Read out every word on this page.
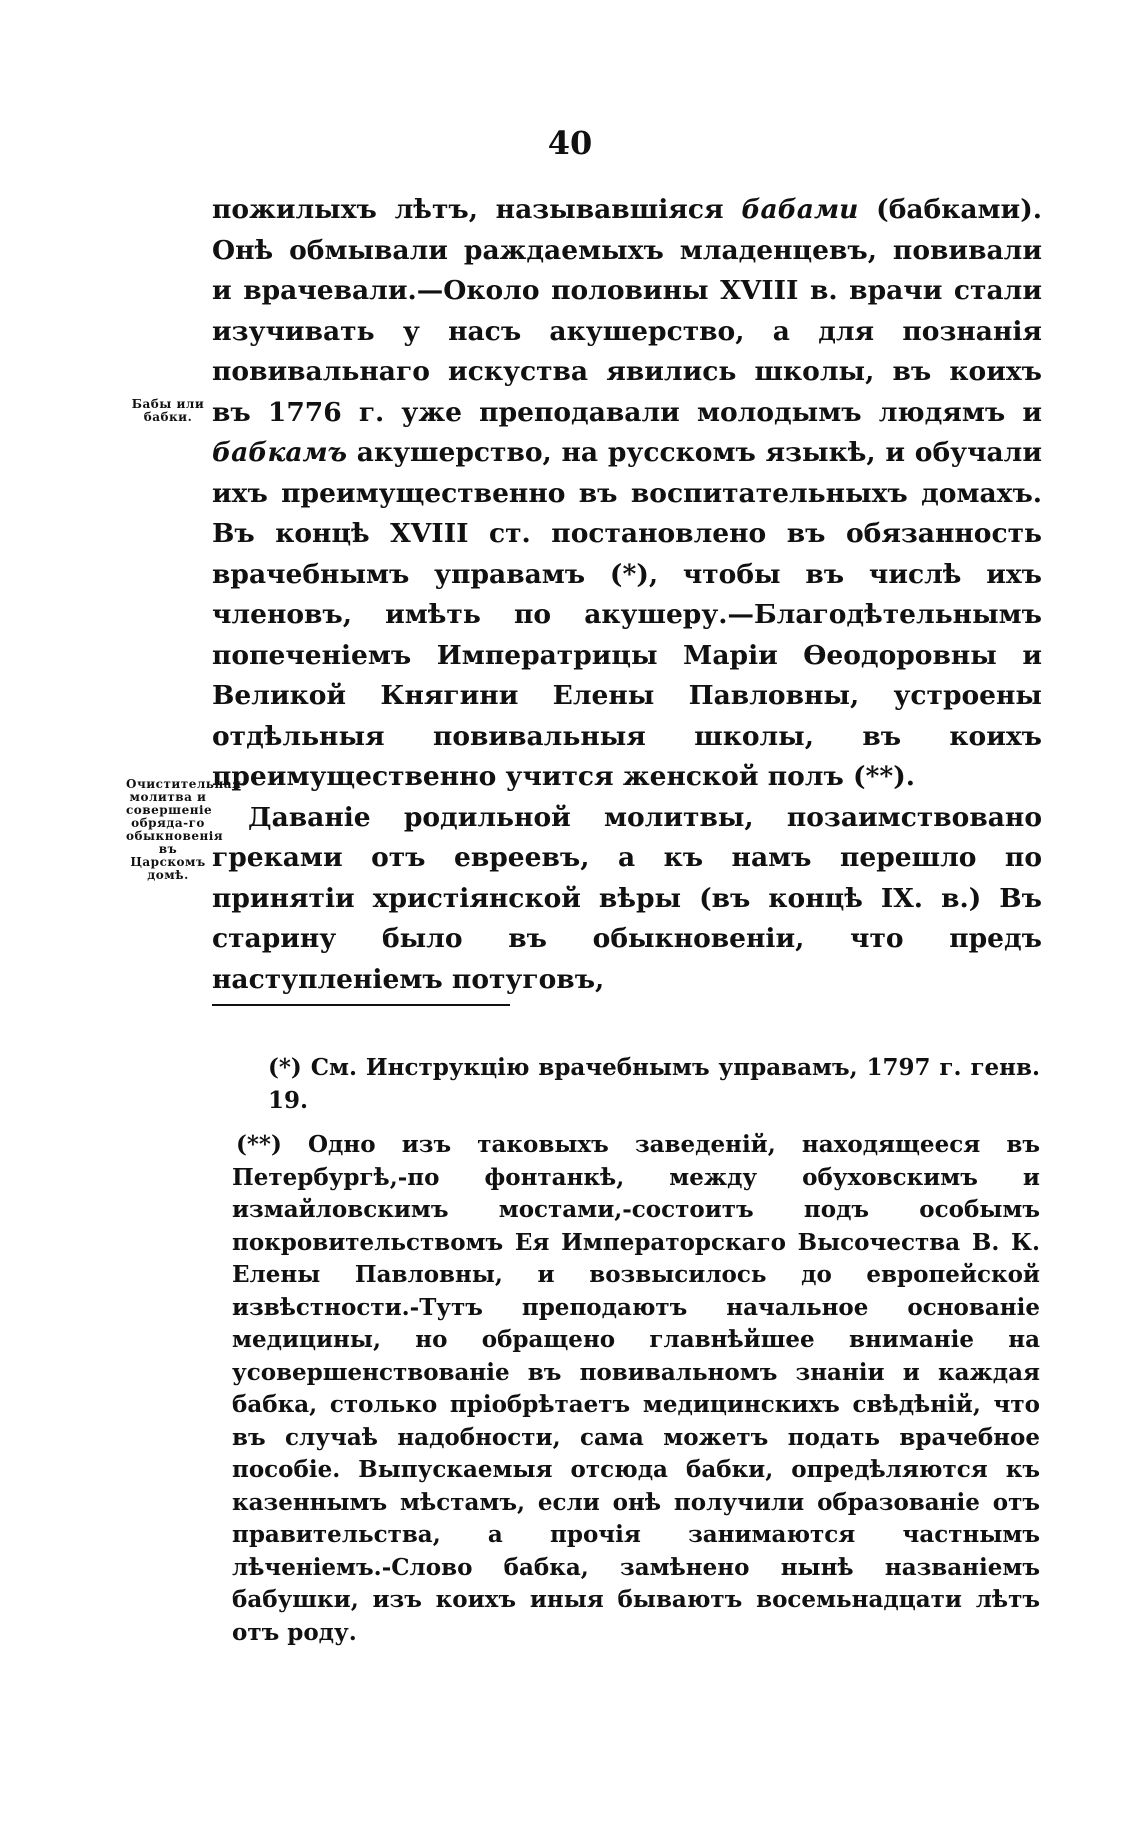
40
Бабы или бабки.
Очистительная молитва и совершеніе обряда-го обыкновенія въ Царскомъ домѣ.

пожилыхъ лѣтъ, называвшіяся бабами (бабками). Онѣ обмывали раждаемыхъ младенцевъ, повивали и врачевали.—Около половины XVIII в. врачи стали изучивать у насъ акушерство, а для познанія повивальнаго искуства явились школы, въ коихъ въ 1776 г. уже преподавали молодымъ людямъ и бабкамъ акушерство, на русскомъ языкѣ, и обучали ихъ преимущественно въ воспитательныхъ домахъ. Въ концѣ XVIII ст. постановлено въ обязанность врачебнымъ управамъ (*), чтобы въ числѣ ихъ членовъ, имѣть по акушеру.—Благодѣтельнымъ попеченіемъ Императрицы Маріи Ѳеодоровны и Великой Княгини Елены Павловны, устроены отдѣльныя повивальныя школы, въ коихъ преимущественно учится женской полъ (**).

Даваніе родильной молитвы, позаимствовано греками отъ евреевъ, а къ намъ перешло по принятіи христіянской вѣры (въ концѣ IX. в.) Въ старину было въ обыкновеніи, что предъ наступленіемъ потуговъ,

(*) См. Инструкцію врачебнымъ управамъ, 1797 г. генв. 19.

(**) Одно изъ таковыхъ заведеній, находящееся въ Петербургѣ,-по фонтанкѣ, между обуховскимъ и измайловскимъ мостами,-состоитъ подъ особымъ покровительствомъ Ея Императорскаго Высочества В. К. Елены Павловны, и возвысилось до европейской извѣстности.-Тутъ преподаютъ начальное основаніе медицины, но обращено главнѣйшее вниманіе на усовершенствованіе въ повивальномъ знаніи и каждая бабка, столько пріобрѣтаетъ медицинскихъ свѣдѣній, что въ случаѣ надобности, сама можетъ подать врачебное пособіе. Выпускаемыя отсюда бабки, опредѣляются къ казеннымъ мѣстамъ, если онѣ получили образованіе отъ правительства, а прочія занимаются частнымъ лѣченіемъ.-Слово бабка, замѣнено нынѣ названіемъ бабушки, изъ коихъ иныя бываютъ восемьнадцати лѣтъ отъ роду.
